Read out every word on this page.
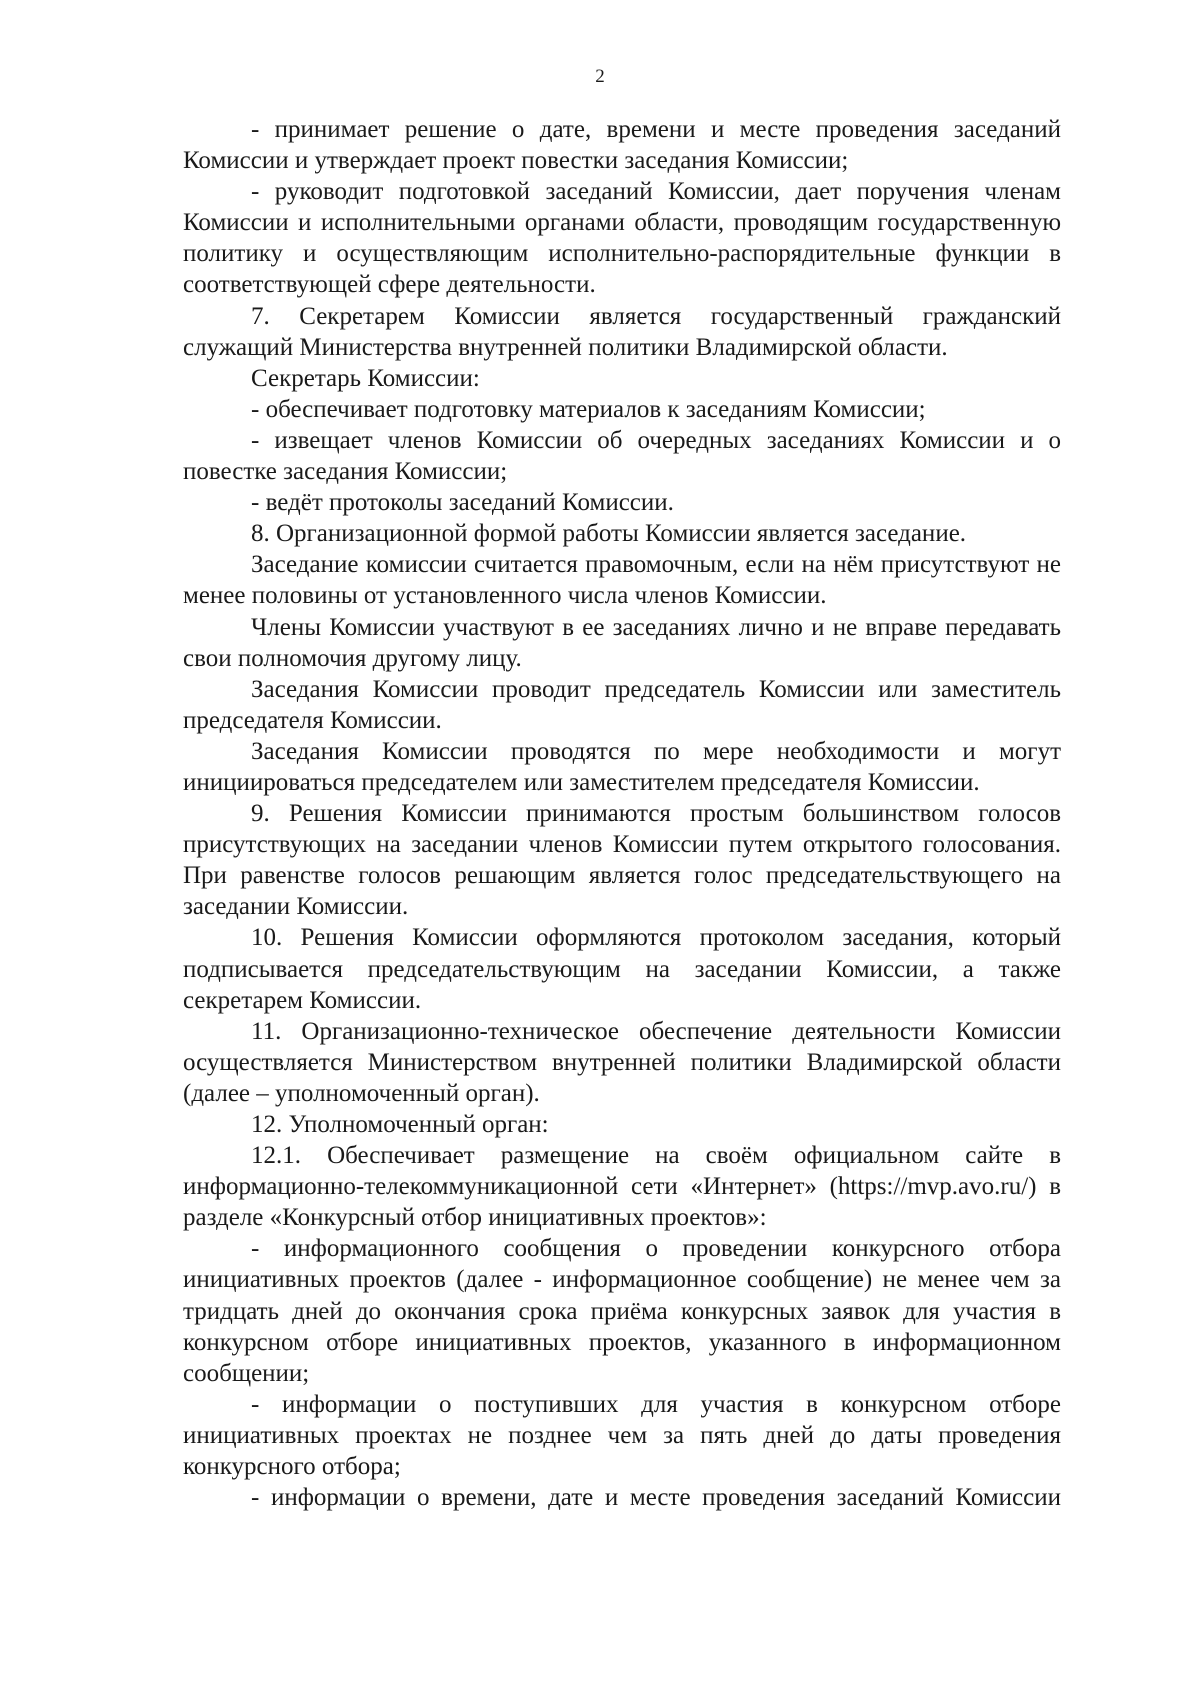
2

- принимает решение о дате, времени и месте проведения заседаний Комиссии и утверждает проект повестки заседания Комиссии;

- руководит подготовкой заседаний Комиссии, дает поручения членам Комиссии и исполнительными органами области, проводящим государственную политику и осуществляющим исполнительно-распорядительные функции в соответствующей сфере деятельности.

7. Секретарем Комиссии является государственный гражданский служащий Министерства внутренней политики Владимирской области.

Секретарь Комиссии:

- обеспечивает подготовку материалов к заседаниям Комиссии;

- извещает членов Комиссии об очередных заседаниях Комиссии и о повестке заседания Комиссии;

- ведёт протоколы заседаний Комиссии.

8. Организационной формой работы Комиссии является заседание.

Заседание комиссии считается правомочным, если на нём присутствуют не менее половины от установленного числа членов Комиссии.

Члены Комиссии участвуют в ее заседаниях лично и не вправе передавать свои полномочия другому лицу.

Заседания Комиссии проводит председатель Комиссии или заместитель председателя Комиссии.

Заседания Комиссии проводятся по мере необходимости и могут инициироваться председателем или заместителем председателя Комиссии.

9. Решения Комиссии принимаются простым большинством голосов присутствующих на заседании членов Комиссии путем открытого голосования. При равенстве голосов решающим является голос председательствующего на заседании Комиссии.

10. Решения Комиссии оформляются протоколом заседания, который подписывается председательствующим на заседании Комиссии, а также секретарем Комиссии.

11. Организационно-техническое обеспечение деятельности Комиссии осуществляется Министерством внутренней политики Владимирской области (далее – уполномоченный орган).

12. Уполномоченный орган:

12.1. Обеспечивает размещение на своём официальном сайте в информационно-телекоммуникационной сети «Интернет» (https://mvp.avo.ru/) в разделе «Конкурсный отбор инициативных проектов»:

- информационного сообщения о проведении конкурсного отбора инициативных проектов (далее - информационное сообщение) не менее чем за тридцать дней до окончания срока приёма конкурсных заявок для участия в конкурсном отборе инициативных проектов, указанного в информационном сообщении;

- информации о поступивших для участия в конкурсном отборе инициативных проектах не позднее чем за пять дней до даты проведения конкурсного отбора;

- информации о времени, дате и месте проведения заседаний Комиссии
